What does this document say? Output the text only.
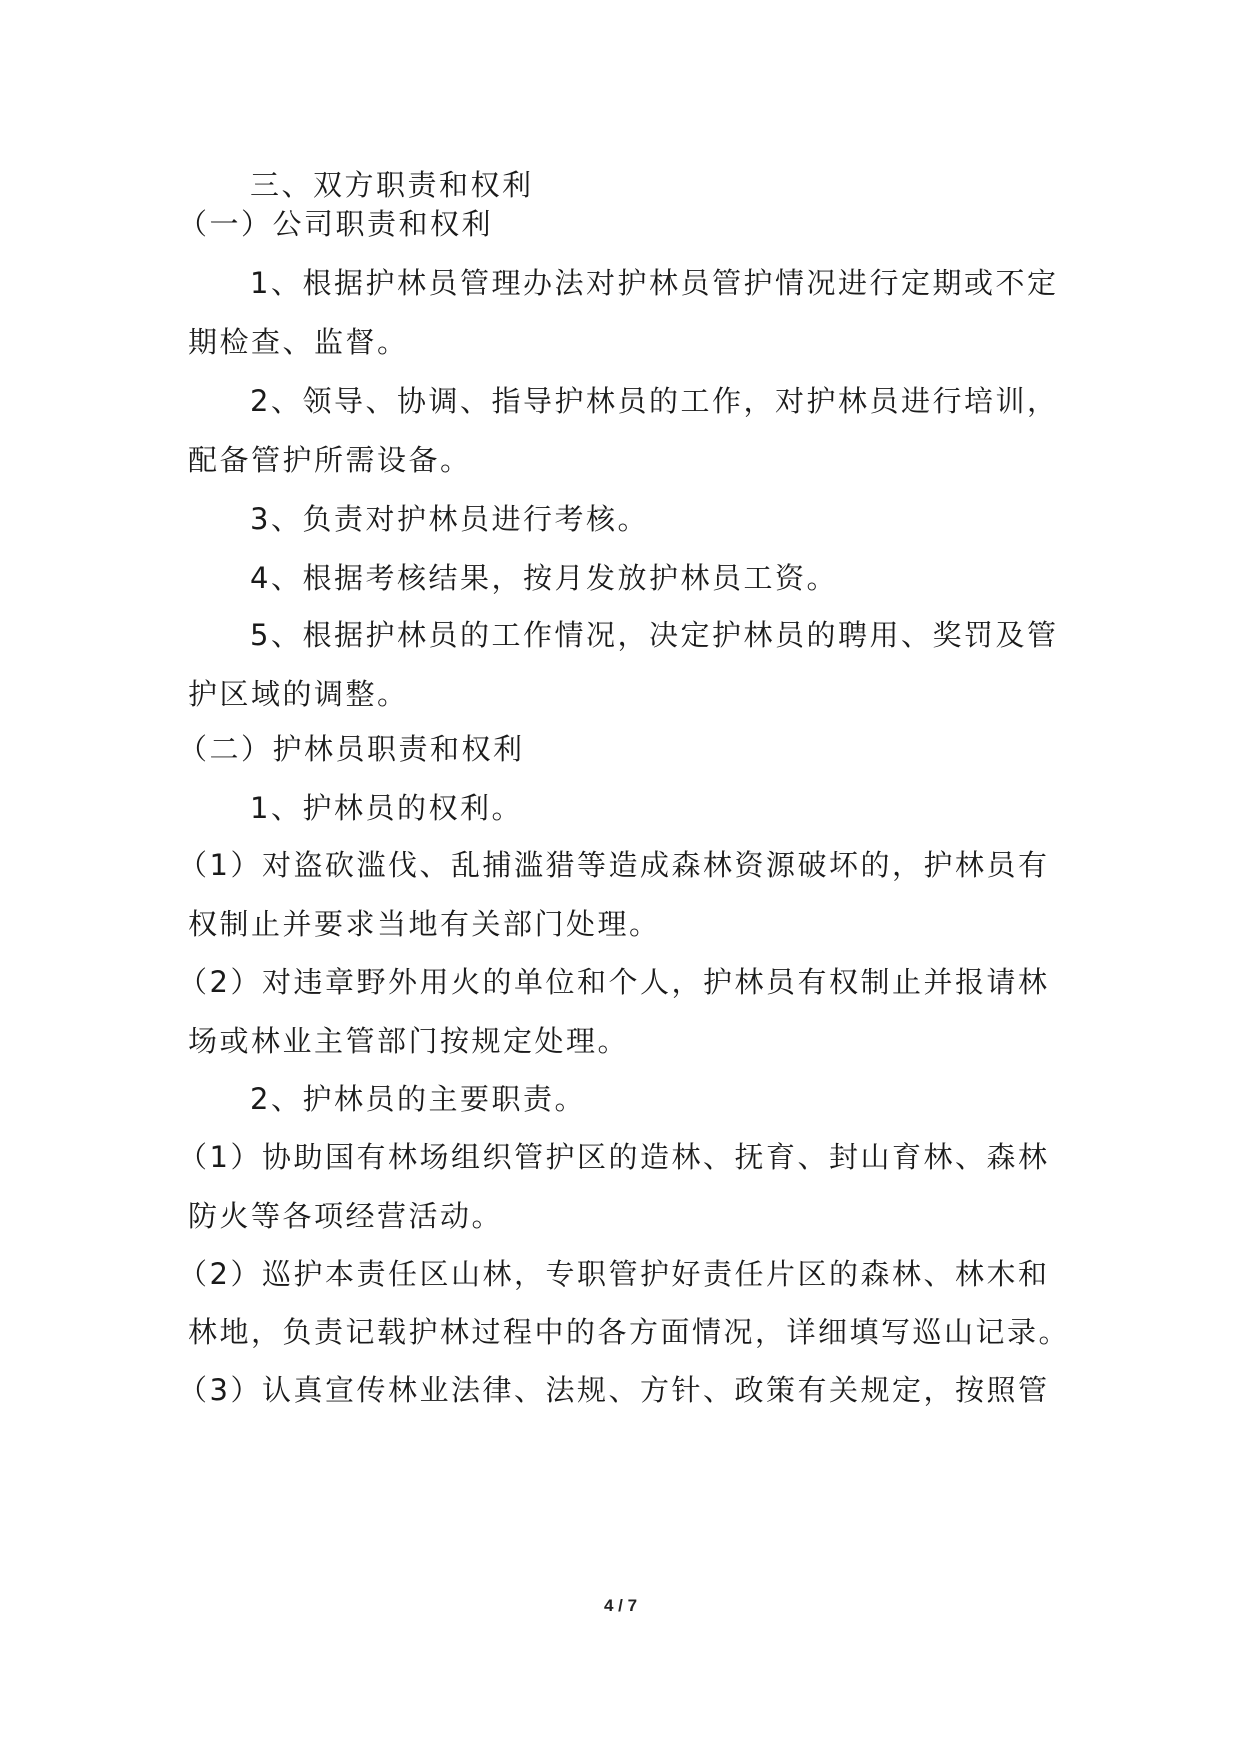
三、双方职责和权利
（一）公司职责和权利
1、根据护林员管理办法对护林员管护情况进行定期或不定
期检查、监督。
2、领导、协调、指导护林员的工作，对护林员进行培训，
配备管护所需设备。
3、负责对护林员进行考核。
4、根据考核结果，按月发放护林员工资。
5、根据护林员的工作情况，决定护林员的聘用、奖罚及管
护区域的调整。
（二）护林员职责和权利
1、护林员的权利。
（1）对盗砍滥伐、乱捕滥猎等造成森林资源破坏的，护林员有
权制止并要求当地有关部门处理。
（2）对违章野外用火的单位和个人，护林员有权制止并报请林
场或林业主管部门按规定处理。
2、护林员的主要职责。
（1）协助国有林场组织管护区的造林、抚育、封山育林、森林
防火等各项经营活动。
（2）巡护本责任区山林，专职管护好责任片区的森林、林木和
林地，负责记载护林过程中的各方面情况，详细填写巡山记录。
（3）认真宣传林业法律、法规、方针、政策有关规定，按照管
4 / 7
